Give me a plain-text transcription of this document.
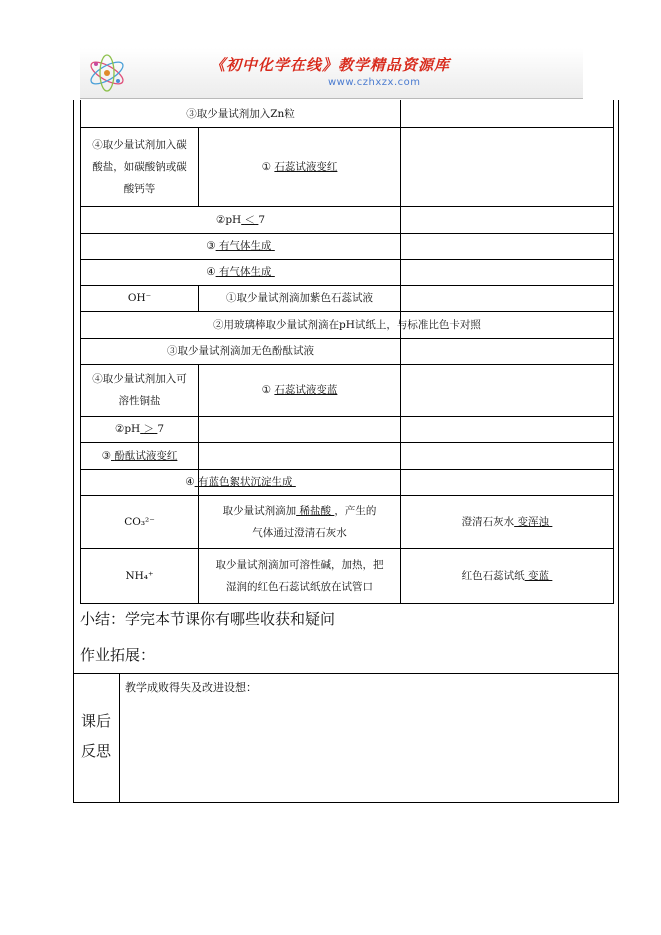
《初中化学在线》教学精品资源库
www.czhxzx.com
③取少量试剂加入Zn粒
④取少量试剂加入碳
酸盐，如碳酸钠或碳
酸钙等
①
石蕊试液变红
②pH ＜ 7
③ 有气体生成
④ 有气体生成
OH⁻	①取少量试剂滴加紫色石蕊试液
②用玻璃棒取少量试剂滴在pH试纸上，与标准比色卡对照
③取少量试剂滴加无色酚酞试液
④取少量试剂加入可
溶性铜盐
①
石蕊试液变蓝
②pH ＞ 7
③ 酚酞试液变红
④ 有蓝色絮状沉淀生成
CO₃²⁻
取少量试剂滴加 稀盐酸 ，产生的
气体通过澄清石灰水
澄清石灰水 变浑浊
NH₄⁺
取少量试剂滴加可溶性碱，加热，把
湿润的红色石蕊试纸放在试管口
红色石蕊试纸 变蓝
小结：学完本节课你有哪些收获和疑问
作业拓展：
课后
反思
教学成败得失及改进设想：
